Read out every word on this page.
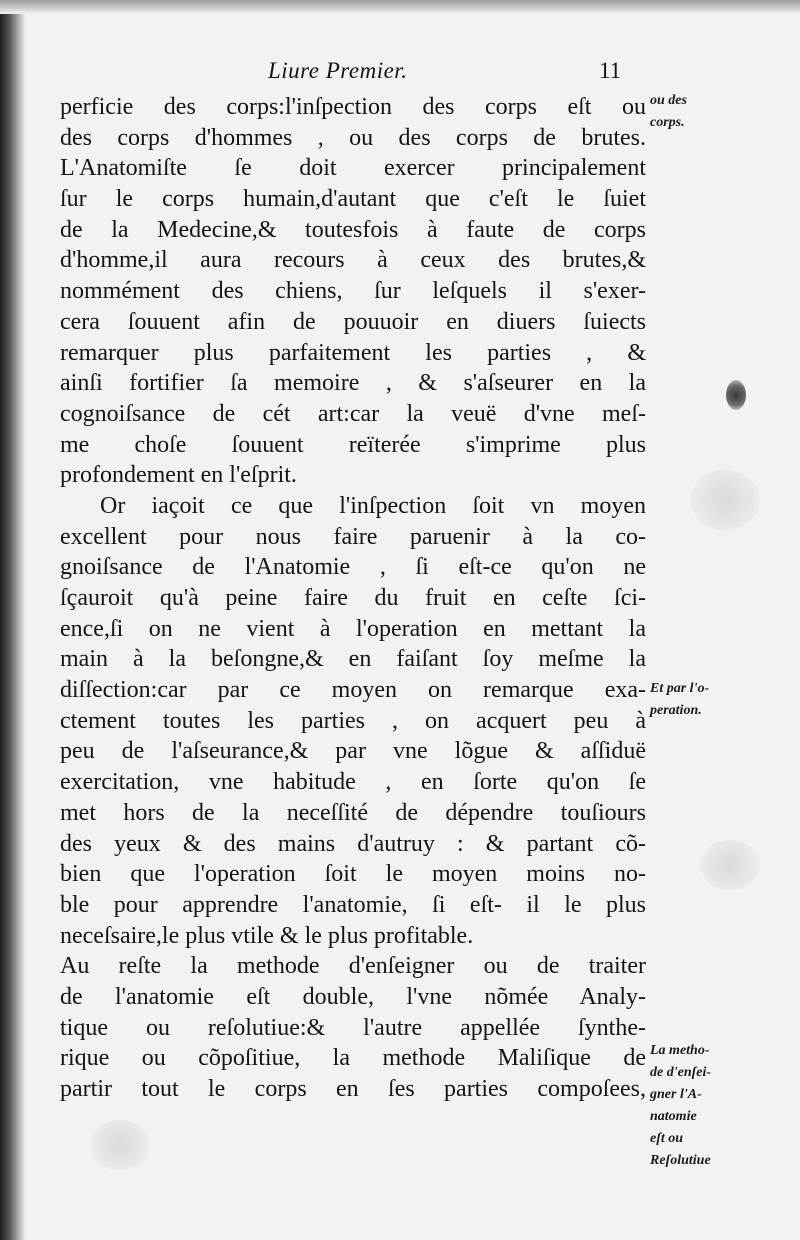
Liure Premier.	11
perficie des corps:l'inſpection des corps eſt ou
des corps d'hommes , ou des corps de brutes.
L'Anatomiſte ſe doit exercer principalement
ſur le corps humain,d'autant que c'eſt le ſuiet
de la Medecine,& toutesfois à faute de corps
d'homme,il aura recours à ceux des brutes,&
nommément des chiens, ſur leſquels il s'exer-
cera ſouuent afin de pouuoir en diuers ſuiects
remarquer plus parfaitement les parties , &
ainſi fortifier ſa memoire , & s'aſseurer en la
cognoiſsance de cét art:car la veuë d'vne meſ-
me choſe ſouuent reïterée s'imprime plus
profondement en l'eſprit.
Or iaçoit ce que l'inſpection ſoit vn moyen
excellent pour nous faire paruenir à la co-
gnoiſsance de l'Anatomie , ſi eſt-ce qu'on ne
ſçauroit qu'à peine faire du fruit en ceſte ſci-
ence,ſi on ne vient à l'operation en mettant la
main à la beſongne,& en faiſant ſoy meſme la
diſſection:car par ce moyen on remarque exa-
ctement toutes les parties , on acquert peu à
peu de l'aſseurance,& par vne lõgue & aſſiduë
exercitation, vne habitude , en ſorte qu'on ſe
met hors de la neceſſité de dépendre touſiours
des yeux & des mains d'autruy : & partant cõ-
bien que l'operation ſoit le moyen moins no-
ble pour apprendre l'anatomie, ſi eſt- il le plus
neceſsaire,le plus vtile & le plus profitable.
Au reſte la methode d'enſeigner ou de traiter
de l'anatomie eſt double, l'vne nõmée Analy-
tique ou reſolutiue:& l'autre appellée ſynthe-
rique ou cõpoſitiue, la methode Maliſique de
partir tout le corps en ſes parties compoſees,
ou des
corps.
Et par l'o-
peration.
La metho-
de d'enſei-
gner l'A-
natomie
eſt ou
Reſolutiue
